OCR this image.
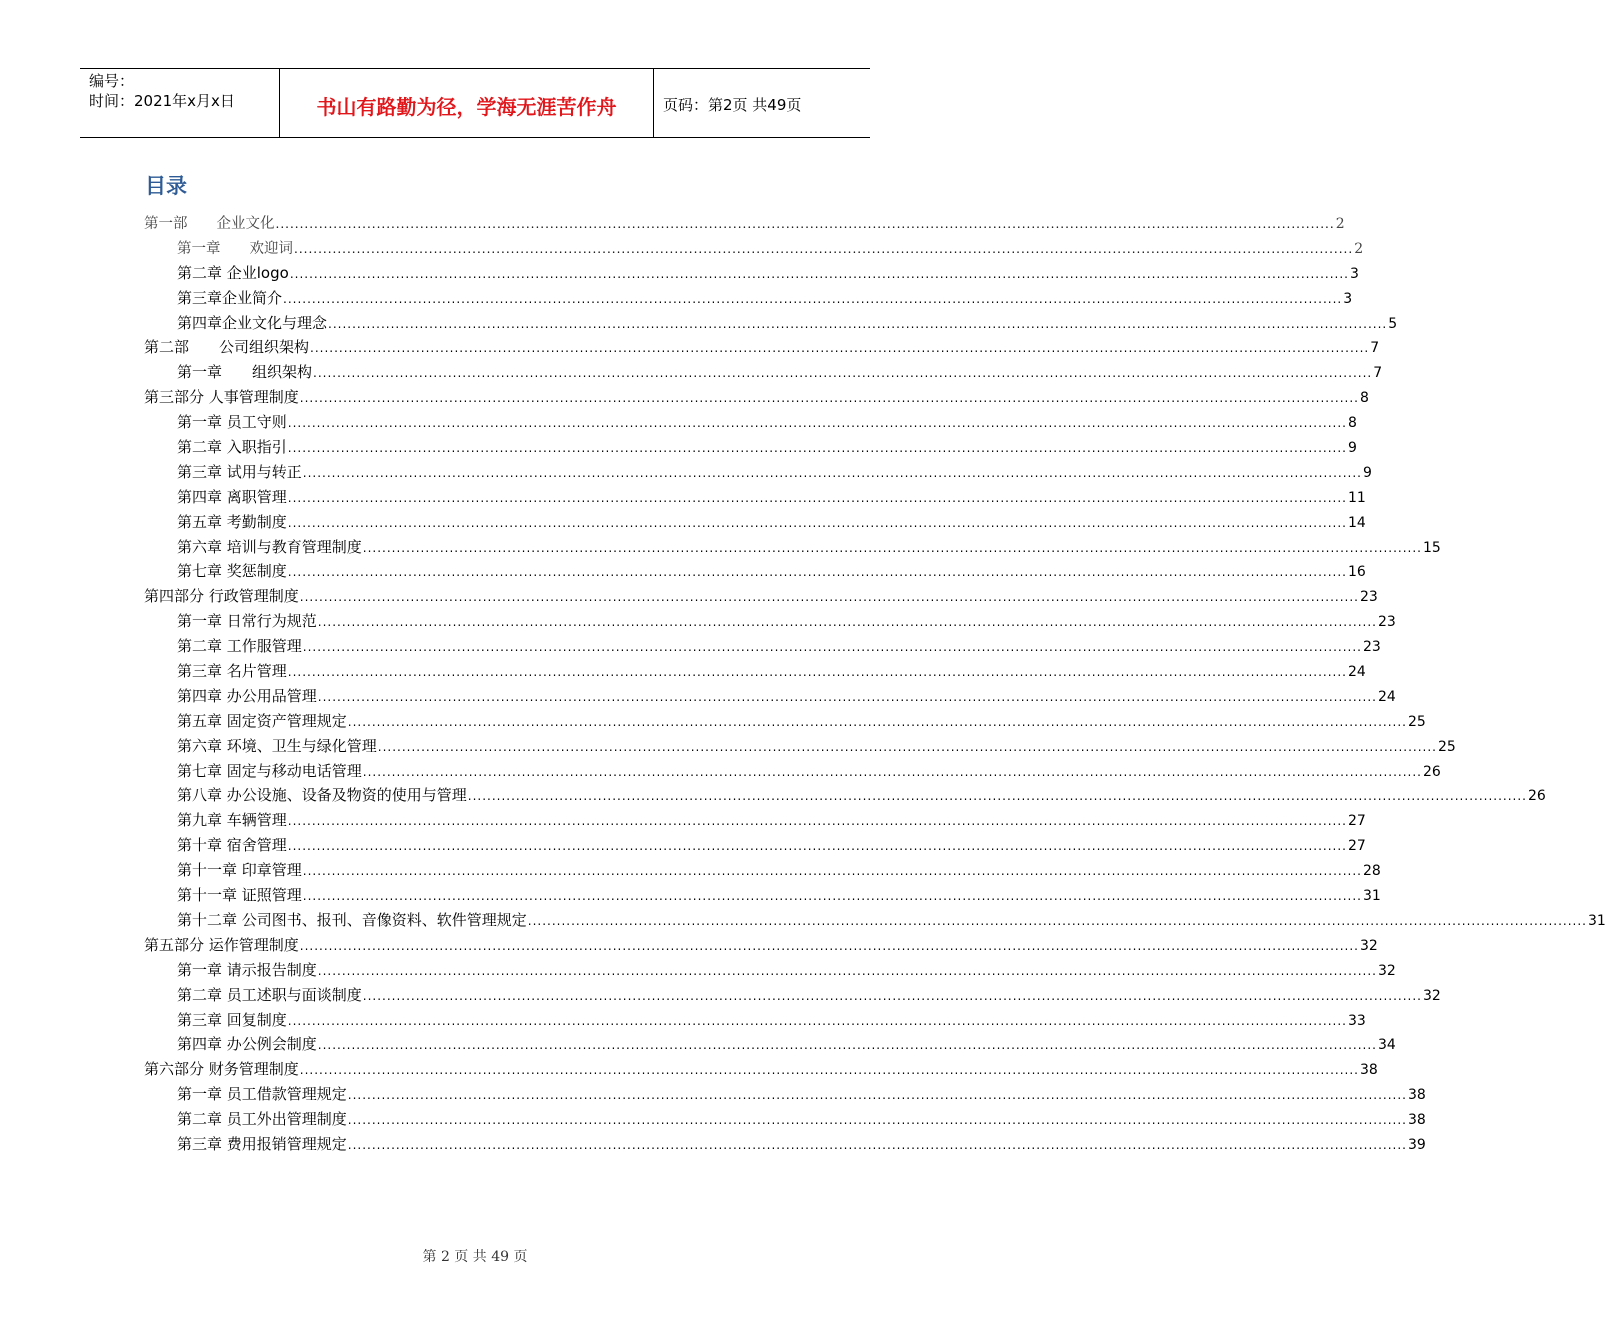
编号：
时间：2021年x月x日	书山有路勤为径，学海无涯苦作舟	页码：第2页 共49页
目录
第一部　　企业文化 ............................................................................................................................................................................................................................ 2
第一章　　欢迎词 ............................................................................................................................................................................................................................ 2
第二章 企业logo ............................................................................................................................................................................................................................ 3
第三章企业简介 ............................................................................................................................................................................................................................ 3
第四章企业文化与理念 ............................................................................................................................................................................................................................ 5
第二部　　公司组织架构 ............................................................................................................................................................................................................................ 7
第一章　　组织架构 ............................................................................................................................................................................................................................ 7
第三部分 人事管理制度 ............................................................................................................................................................................................................................ 8
第一章 员工守则 ............................................................................................................................................................................................................................ 8
第二章 入职指引 ............................................................................................................................................................................................................................ 9
第三章 试用与转正 ............................................................................................................................................................................................................................ 9
第四章 离职管理 ............................................................................................................................................................................................................................ 11
第五章 考勤制度 ............................................................................................................................................................................................................................ 14
第六章 培训与教育管理制度 ............................................................................................................................................................................................................................ 15
第七章 奖惩制度 ............................................................................................................................................................................................................................ 16
第四部分 行政管理制度 ............................................................................................................................................................................................................................ 23
第一章 日常行为规范 ............................................................................................................................................................................................................................ 23
第二章 工作服管理 ............................................................................................................................................................................................................................ 23
第三章 名片管理 ............................................................................................................................................................................................................................ 24
第四章 办公用品管理 ............................................................................................................................................................................................................................ 24
第五章 固定资产管理规定 ............................................................................................................................................................................................................................ 25
第六章 环境、卫生与绿化管理 ............................................................................................................................................................................................................................ 25
第七章 固定与移动电话管理 ............................................................................................................................................................................................................................ 26
第八章 办公设施、设备及物资的使用与管理 ............................................................................................................................................................................................................................ 26
第九章 车辆管理 ............................................................................................................................................................................................................................ 27
第十章 宿舍管理 ............................................................................................................................................................................................................................ 27
第十一章 印章管理 ............................................................................................................................................................................................................................ 28
第十一章 证照管理 ............................................................................................................................................................................................................................ 31
第十二章 公司图书、报刊、音像资料、软件管理规定 ............................................................................................................................................................................................................................ 31
第五部分 运作管理制度 ............................................................................................................................................................................................................................ 32
第一章 请示报告制度 ............................................................................................................................................................................................................................ 32
第二章 员工述职与面谈制度 ............................................................................................................................................................................................................................ 32
第三章 回复制度 ............................................................................................................................................................................................................................ 33
第四章 办公例会制度 ............................................................................................................................................................................................................................ 34
第六部分 财务管理制度 ............................................................................................................................................................................................................................ 38
第一章 员工借款管理规定 ............................................................................................................................................................................................................................ 38
第二章 员工外出管理制度 ............................................................................................................................................................................................................................ 38
第三章 费用报销管理规定 ............................................................................................................................................................................................................................ 39
第 2 页 共 49 页
